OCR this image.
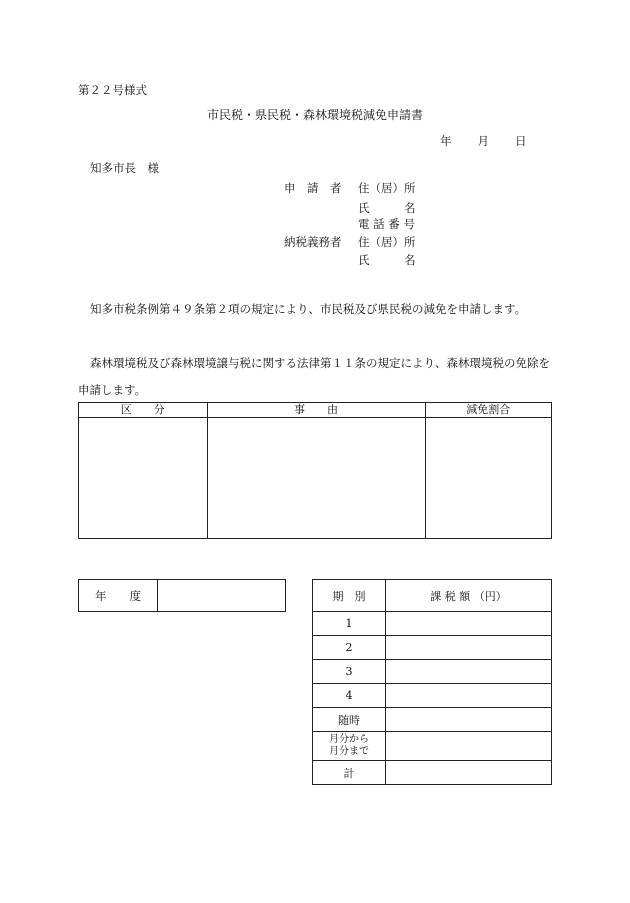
第２２号様式
市民税・県民税・森林環境税減免申請書
年 月 日
知多市長　様
申　請　者 住（居）所
氏　　　名
電 話 番 号
納税義務者 住（居）所
氏　　　名
知多市税条例第４９条第２項の規定により、市民税及び県民税の減免を申請します。
森林環境税及び森林環境譲与税に関する法律第１１条の規定により、森林環境税の免除を申請します。
区　　分	事　　由	減免割合

年　　度		期　別	課 税 額 （円）
1	
2	
3	
4	
随時	
月分から
月分まで	
計	
